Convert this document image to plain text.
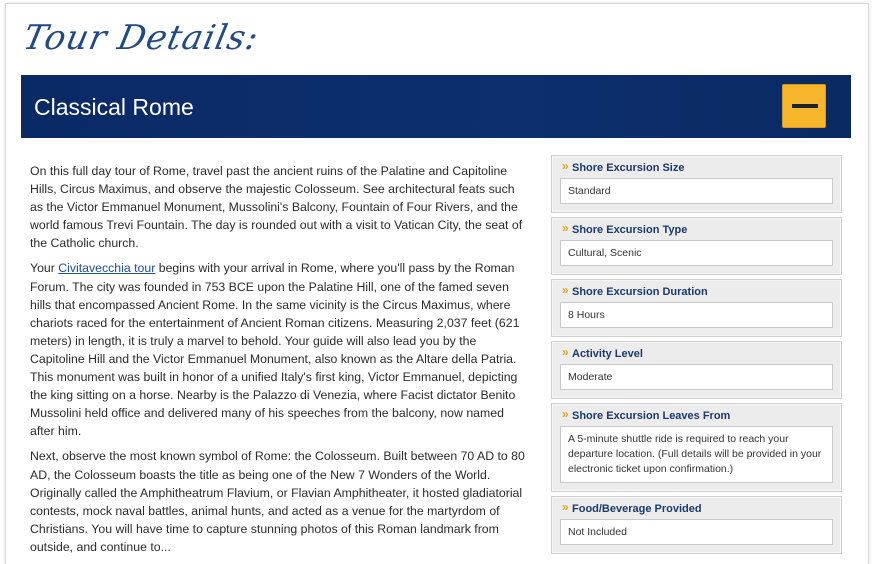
Tour Details:
Classical Rome

On this full day tour of Rome, travel past the ancient ruins of the Palatine and Capitoline Hills, Circus Maximus, and observe the majestic Colosseum. See architectural feats such as the Victor Emmanuel Monument, Mussolini's Balcony, Fountain of Four Rivers, and the world famous Trevi Fountain. The day is rounded out with a visit to Vatican City, the seat of the Catholic church.

Your Civitavecchia tour begins with your arrival in Rome, where you'll pass by the Roman Forum. The city was founded in 753 BCE upon the Palatine Hill, one of the famed seven hills that encompassed Ancient Rome. In the same vicinity is the Circus Maximus, where chariots raced for the entertainment of Ancient Roman citizens. Measuring 2,037 feet (621 meters) in length, it is truly a marvel to behold. Your guide will also lead you by the Capitoline Hill and the Victor Emmanuel Monument, also known as the Altare della Patria. This monument was built in honor of a unified Italy's first king, Victor Emmanuel, depicting the king sitting on a horse. Nearby is the Palazzo di Venezia, where Facist dictator Benito Mussolini held office and delivered many of his speeches from the balcony, now named after him.

Next, observe the most known symbol of Rome: the Colosseum. Built between 70 AD to 80 AD, the Colosseum boasts the title as being one of the New 7 Wonders of the World. Originally called the Amphitheatrum Flavium, or Flavian Amphitheater, it hosted gladiatorial contests, mock naval battles, animal hunts, and acted as a venue for the martyrdom of Christians. You will have time to capture stunning photos of this Roman landmark from outside, and continue to...

» Shore Excursion Size
Standard
» Shore Excursion Type
Cultural, Scenic
» Shore Excursion Duration
8 Hours
» Activity Level
Moderate
» Shore Excursion Leaves From
A 5-minute shuttle ride is required to reach your departure location. (Full details will be provided in your electronic ticket upon confirmation.)
» Food/Beverage Provided
Not Included
